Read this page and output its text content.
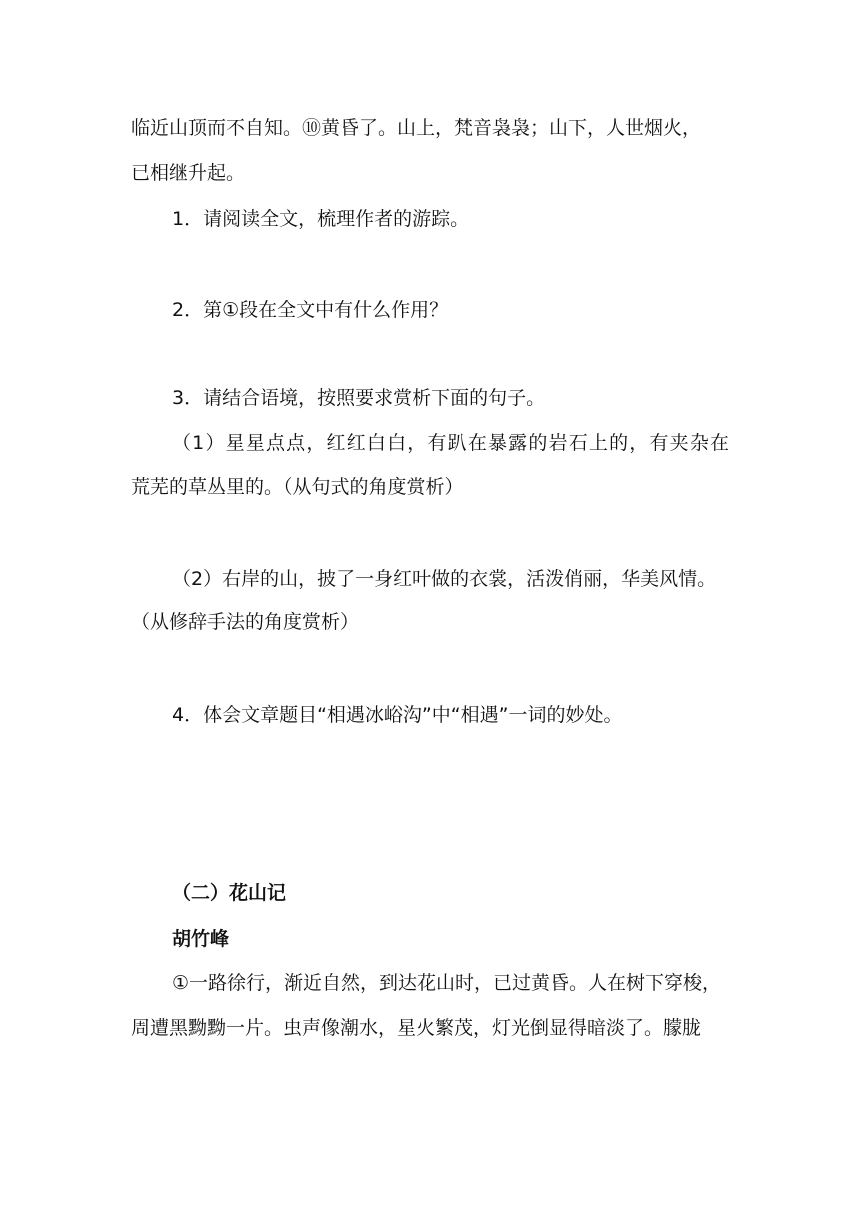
临近山顶而不自知。⑩黄昏了。山上，梵音袅袅；山下，人世烟火，
已相继升起。
1．请阅读全文，梳理作者的游踪。
2．第①段在全文中有什么作用？
3．请结合语境，按照要求赏析下面的句子。
（1）星星点点，红红白白，有趴在暴露的岩石上的，有夹杂在
荒芜的草丛里的。（从句式的角度赏析）
（2）右岸的山，披了一身红叶做的衣裳，活泼俏丽，华美风情。
（从修辞手法的角度赏析）
4．体会文章题目“相遇冰峪沟”中“相遇”一词的妙处。
（二）花山记
胡竹峰
①一路徐行，渐近自然，到达花山时，已过黄昏。人在树下穿梭，
周遭黑黝黝一片。虫声像潮水，星火繁茂，灯光倒显得暗淡了。朦胧
